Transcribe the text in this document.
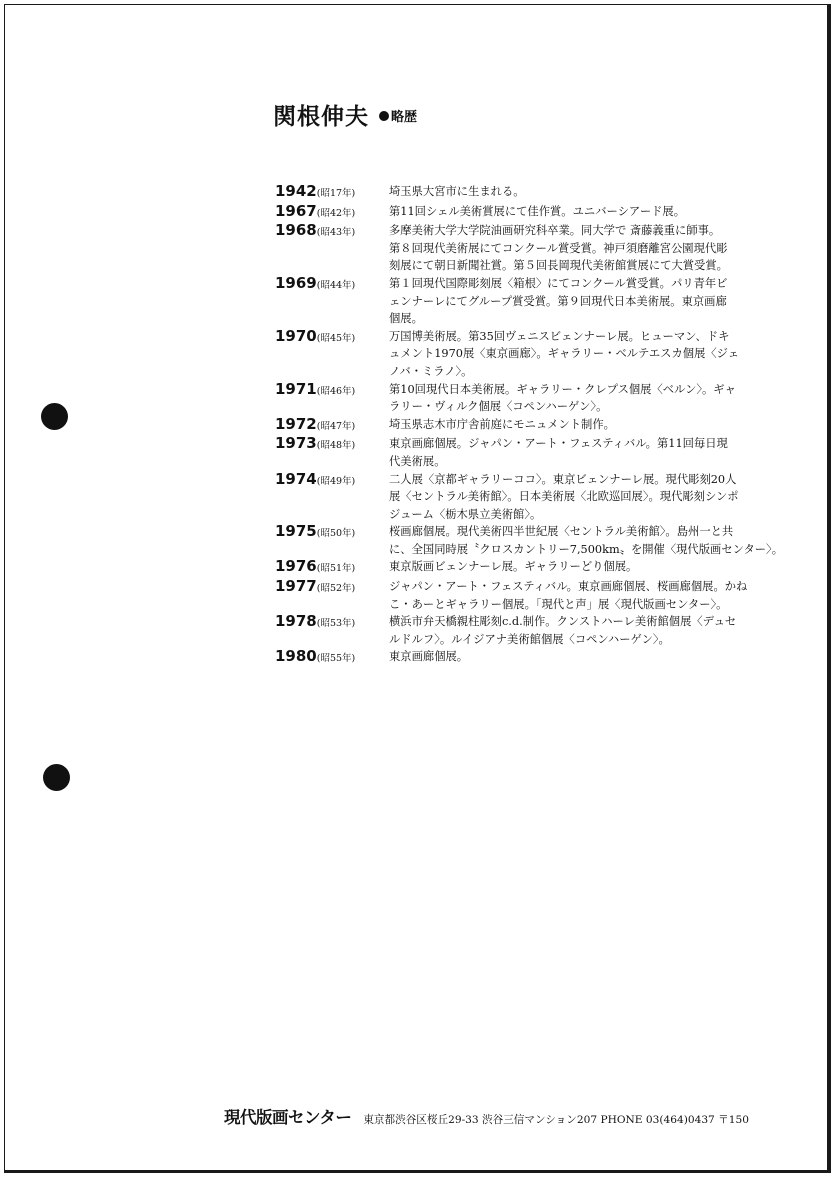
関根伸夫 略歴
1942(昭17年)	埼玉県大宮市に生まれる。
1967(昭42年)	第11回シェル美術賞展にて佳作賞。ユニバーシアード展。
1968(昭43年)	多摩美術大学大学院油画研究科卒業。同大学で 斎藤義重に師事。
第８回現代美術展にてコンクール賞受賞。神戸須磨離宮公園現代彫
刻展にて朝日新聞社賞。第５回長岡現代美術館賞展にて大賞受賞。
1969(昭44年)	第１回現代国際彫刻展〈箱根〉にてコンクール賞受賞。パリ青年ビ
ェンナーレにてグループ賞受賞。第９回現代日本美術展。東京画廊
個展。
1970(昭45年)	万国博美術展。第35回ヴェニスビェンナーレ展。ヒューマン、ドキ
ュメント1970展〈東京画廊〉。ギャラリー・ベルテエスカ個展〈ジェ
ノバ・ミラノ〉。
1971(昭46年)	第10回現代日本美術展。ギャラリー・クレプス個展〈ベルン〉。ギャ
ラリー・ヴィルク個展〈コペンハーゲン〉。
1972(昭47年)	埼玉県志木市庁舎前庭にモニュメント制作。
1973(昭48年)	東京画廊個展。ジャパン・アート・フェスティバル。第11回毎日現
代美術展。
1974(昭49年)	二人展〈京都ギャラリーココ〉。東京ビェンナーレ展。現代彫刻20人
展〈セントラル美術館〉。日本美術展〈北欧巡回展〉。現代彫刻シンポ
ジューム〈栃木県立美術館〉。
1975(昭50年)	桜画廊個展。現代美術四半世紀展〈セントラル美術館〉。島州一と共
に、全国同時展〝クロスカントリー7,500km〟を開催〈現代版画センター〉。
1976(昭51年)	東京版画ビェンナーレ展。ギャラリーどり個展。
1977(昭52年)	ジャパン・アート・フェスティバル。東京画廊個展、桜画廊個展。かね
こ・あーとギャラリー個展。「現代と声」展〈現代版画センター〉。
1978(昭53年)	横浜市弁天橋親柱彫刻c.d.制作。クンストハーレ美術館個展〈デュセ
ルドルフ〉。ルイジアナ美術館個展〈コペンハーゲン〉。
1980(昭55年)	東京画廊個展。
現代版画センター 東京都渋谷区桜丘29-33 渋谷三信マンション207 PHONE 03(464)0437 〒150
